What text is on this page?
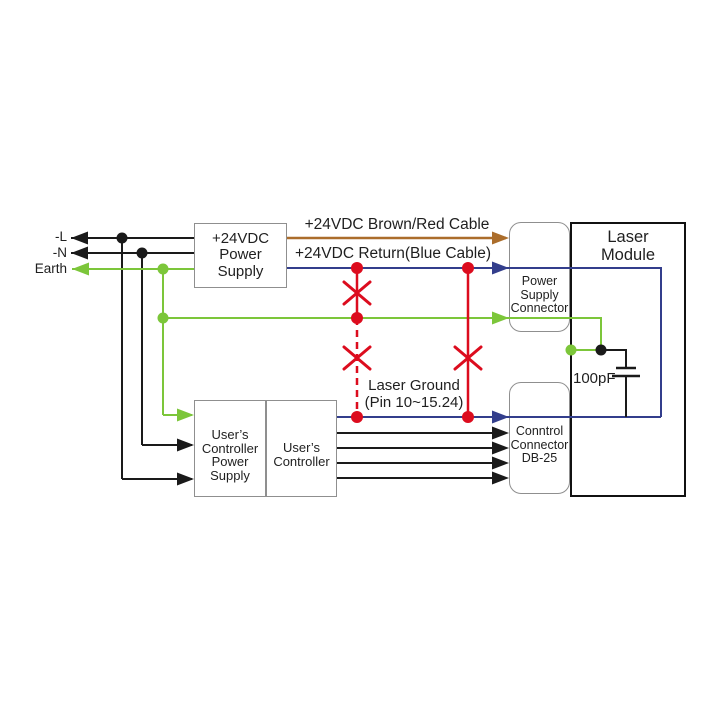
+24VDC
Power
Supply
User’s
Controller
Power
Supply
User’s
Controller
Power
Supply
Connector
Conntrol
Connector
DB-25
Laser
Module
-L
-N
Earth
+24VDC Brown/Red Cable
+24VDC Return(Blue Cable)
Laser Ground
(Pin 10~15.24)
100pF
